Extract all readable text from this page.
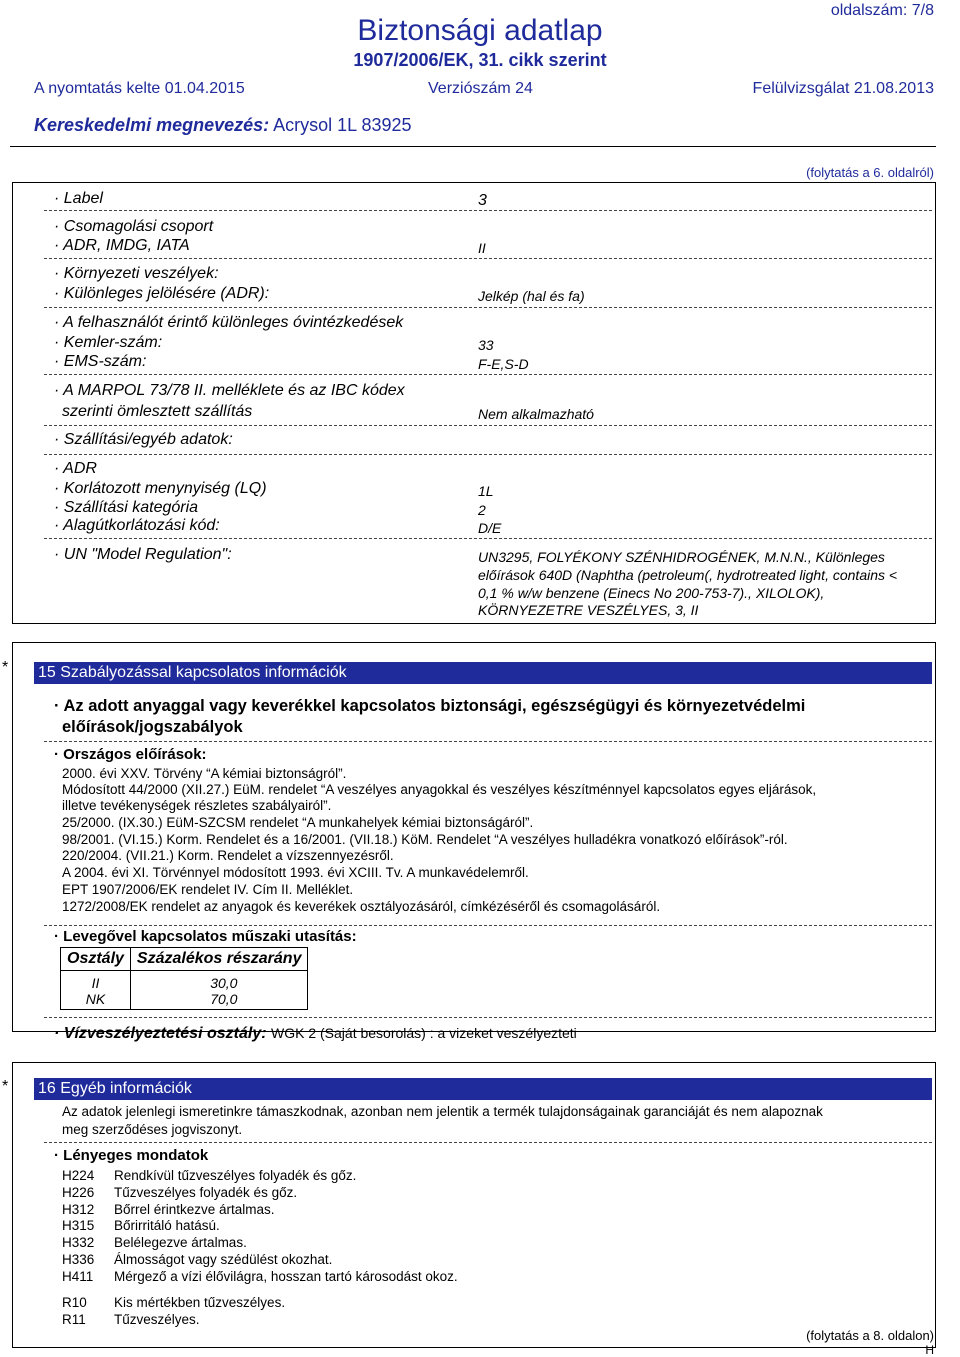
oldalszám: 7/8
Biztonsági adatlap
1907/2006/EK, 31. cikk szerint
A nyomtatás kelte 01.04.2015	Verziószám 24	Felülvizsgálat 21.08.2013
Kereskedelmi megnevezés: Acrysol 1L 83925
(folytatás a 6. oldalról)
· Label	3
· Csomagolási csoport
· ADR, IMDG, IATA	II
· Környezeti veszélyek:
· Különleges jelölésére (ADR):	Jelkép (hal és fa)
· A felhasználót érintő különleges óvintézkedések
· Kemler-szám:	33
· EMS-szám:	F-E,S-D
· A MARPOL 73/78 II. melléklete és az IBC kódex
szerinti ömlesztett szállítás	Nem alkalmazható
· Szállítási/egyéb adatok:
· ADR
· Korlátozott menynyiség (LQ)	1L
· Szállítási kategória	2
· Alagútkorlátozási kód:	D/E
· UN "Model Regulation":	UN3295, FOLYÉKONY SZÉNHIDROGÉNEK, M.N.N., Különleges
előírások 640D (Naphtha (petroleum(, hydrotreated light, contains <
0,1 % w/w benzene (Einecs No 200-753-7)., XILOLOK),
KÖRNYEZETRE VESZÉLYES, 3, II
* 15 Szabályozással kapcsolatos információk
· Az adott anyaggal vagy keverékkel kapcsolatos biztonsági, egészségügyi és környezetvédelmi
előírások/jogszabályok
· Országos előírások:
2000. évi XXV. Törvény “A kémiai biztonságról”.
Módosított 44/2000 (XII.27.) EüM. rendelet “A veszélyes anyagokkal és veszélyes készítménnyel kapcsolatos egyes eljárások,
illetve tevékenységek részletes szabályairól”.
25/2000. (IX.30.) EüM-SZCSM rendelet “A munkahelyek kémiai biztonságáról”.
98/2001. (VI.15.) Korm. Rendelet és a 16/2001. (VII.18.) KöM. Rendelet “A veszélyes hulladékra vonatkozó előírások”-ról.
220/2004. (VII.21.) Korm. Rendelet a vízszennyezésről.
A 2004. évi XI. Törvénnyel módosított 1993. évi XCIII. Tv. A munkavédelemről.
EPT 1907/2006/EK rendelet IV. Cím II. Melléklet.
1272/2008/EK rendelet az anyagok és keverékek osztályozásáról, címkézéséről és csomagolásáról.
· Levegővel kapcsolatos műszaki utasítás:
Osztály	Százalékos részarány
II	30,0
NK	70,0
· Vízveszélyeztetési osztály: WGK 2 (Saját besorolás) : a vizeket veszélyezteti
* 16 Egyéb információk
Az adatok jelenlegi ismeretinkre támaszkodnak, azonban nem jelentik a termék tulajdonságainak garanciáját és nem alapoznak
meg szerződéses jogviszonyt.
· Lényeges mondatok
H224 Rendkívül tűzveszélyes folyadék és gőz.
H226 Tűzveszélyes folyadék és gőz.
H312 Bőrrel érintkezve ártalmas.
H315 Bőrirritáló hatású.
H332 Belélegezve ártalmas.
H336 Álmosságot vagy szédülést okozhat.
H411 Mérgező a vízi élővilágra, hosszan tartó károsodást okoz.
R10 Kis mértékben tűzveszélyes.
R11 Tűzveszélyes.
(folytatás a 8. oldalon)
H
